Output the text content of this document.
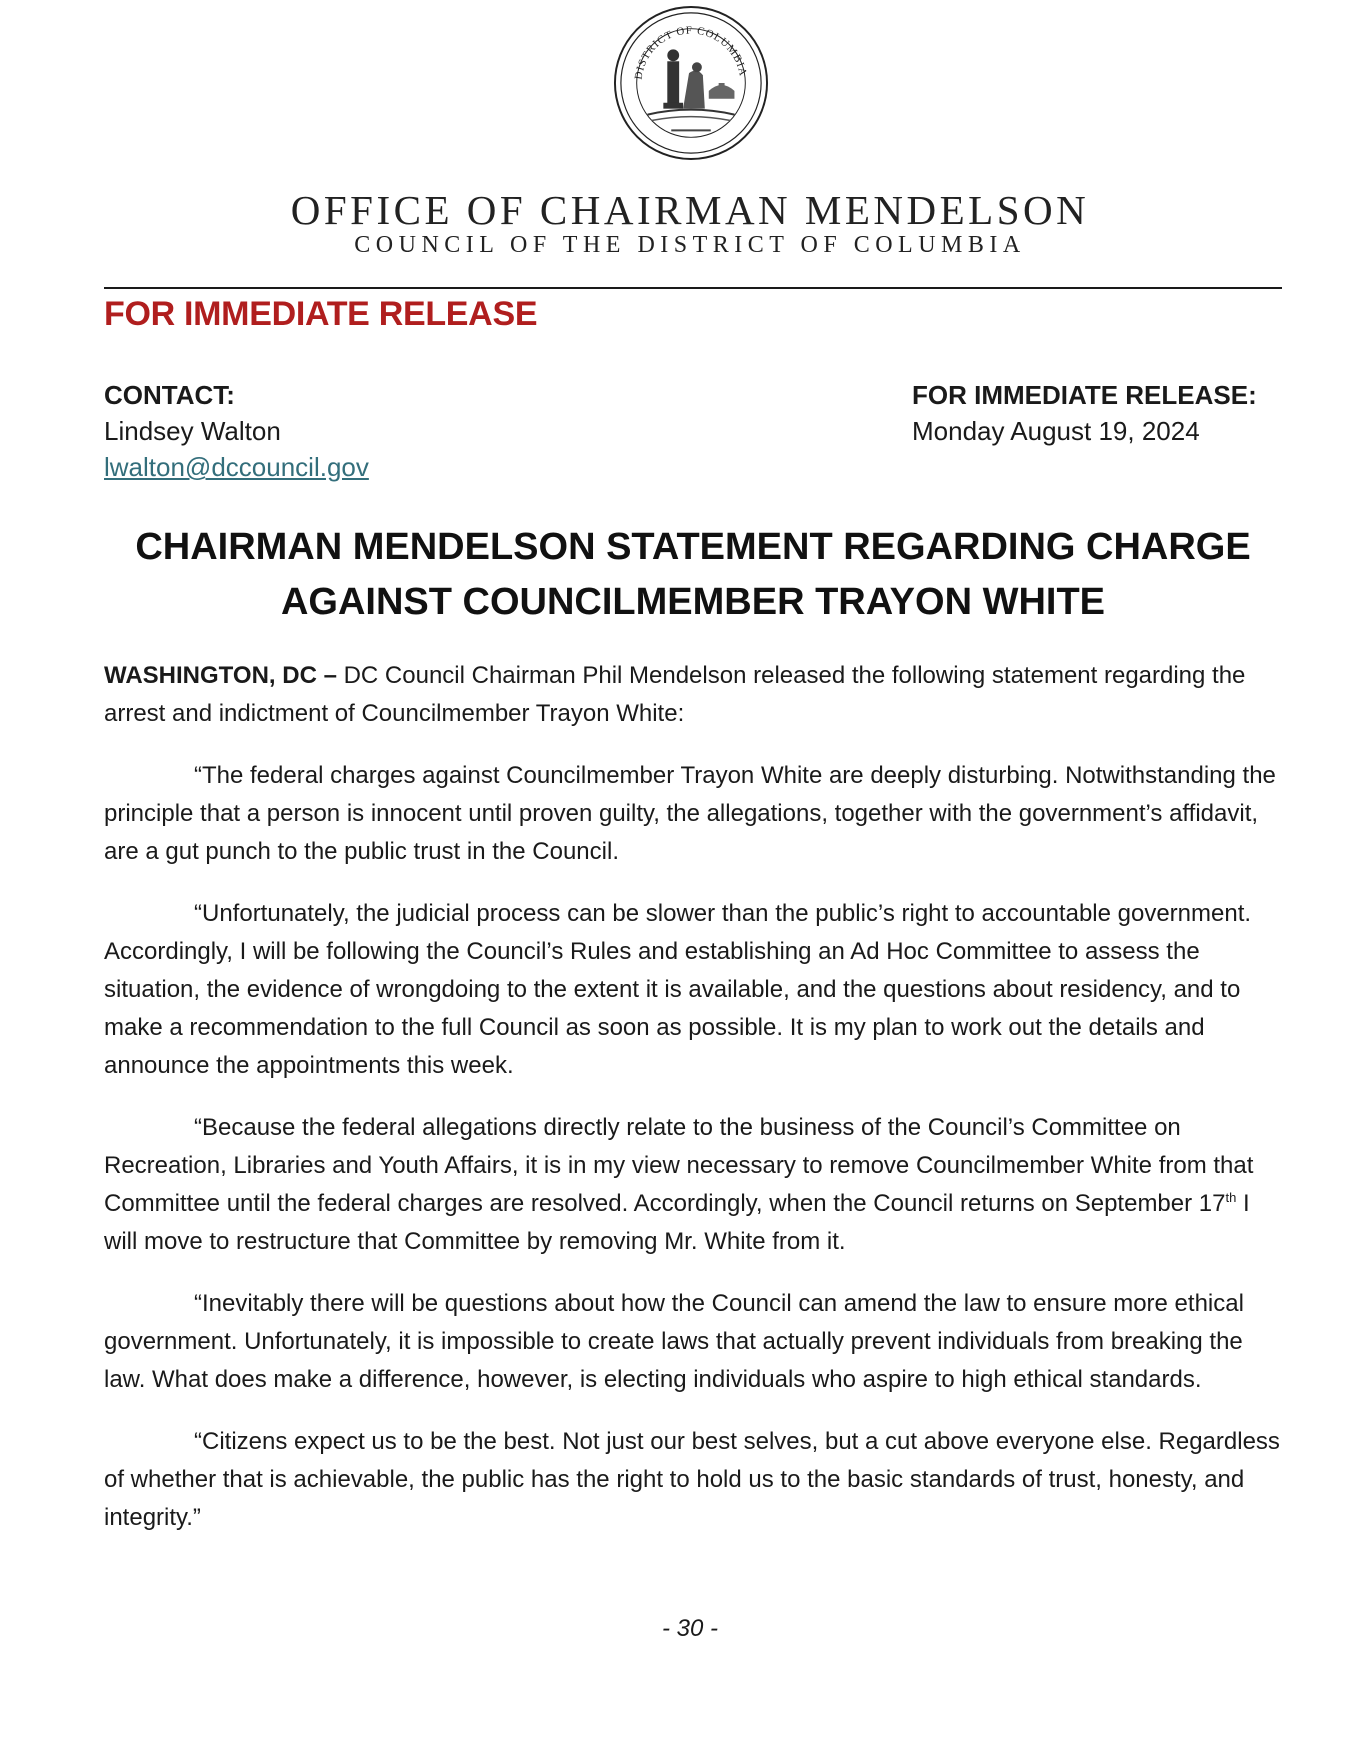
DISTRICT OF COLUMBIA
OFFICE OF CHAIRMAN MENDELSON
COUNCIL OF THE DISTRICT OF COLUMBIA
FOR IMMEDIATE RELEASE
CONTACT:
Lindsey Walton
lwalton@dccouncil.gov
FOR IMMEDIATE RELEASE:
Monday August 19, 2024
CHAIRMAN MENDELSON STATEMENT REGARDING CHARGE
AGAINST COUNCILMEMBER TRAYON WHITE

WASHINGTON, DC – DC Council Chairman Phil Mendelson released the following statement regarding the arrest and indictment of Councilmember Trayon White:

“The federal charges against Councilmember Trayon White are deeply disturbing. Notwithstanding the principle that a person is innocent until proven guilty, the allegations, together with the government’s affidavit, are a gut punch to the public trust in the Council.

“Unfortunately, the judicial process can be slower than the public’s right to accountable government. Accordingly, I will be following the Council’s Rules and establishing an Ad Hoc Committee to assess the situation, the evidence of wrongdoing to the extent it is available, and the questions about residency, and to make a recommendation to the full Council as soon as possible. It is my plan to work out the details and announce the appointments this week.

“Because the federal allegations directly relate to the business of the Council’s Committee on Recreation, Libraries and Youth Affairs, it is in my view necessary to remove Councilmember White from that Committee until the federal charges are resolved. Accordingly, when the Council returns on September 17th I will move to restructure that Committee by removing Mr. White from it.

“Inevitably there will be questions about how the Council can amend the law to ensure more ethical government. Unfortunately, it is impossible to create laws that actually prevent individuals from breaking the law. What does make a difference, however, is electing individuals who aspire to high ethical standards.

“Citizens expect us to be the best. Not just our best selves, but a cut above everyone else. Regardless of whether that is achievable, the public has the right to hold us to the basic standards of trust, honesty, and integrity.”

- 30 -
